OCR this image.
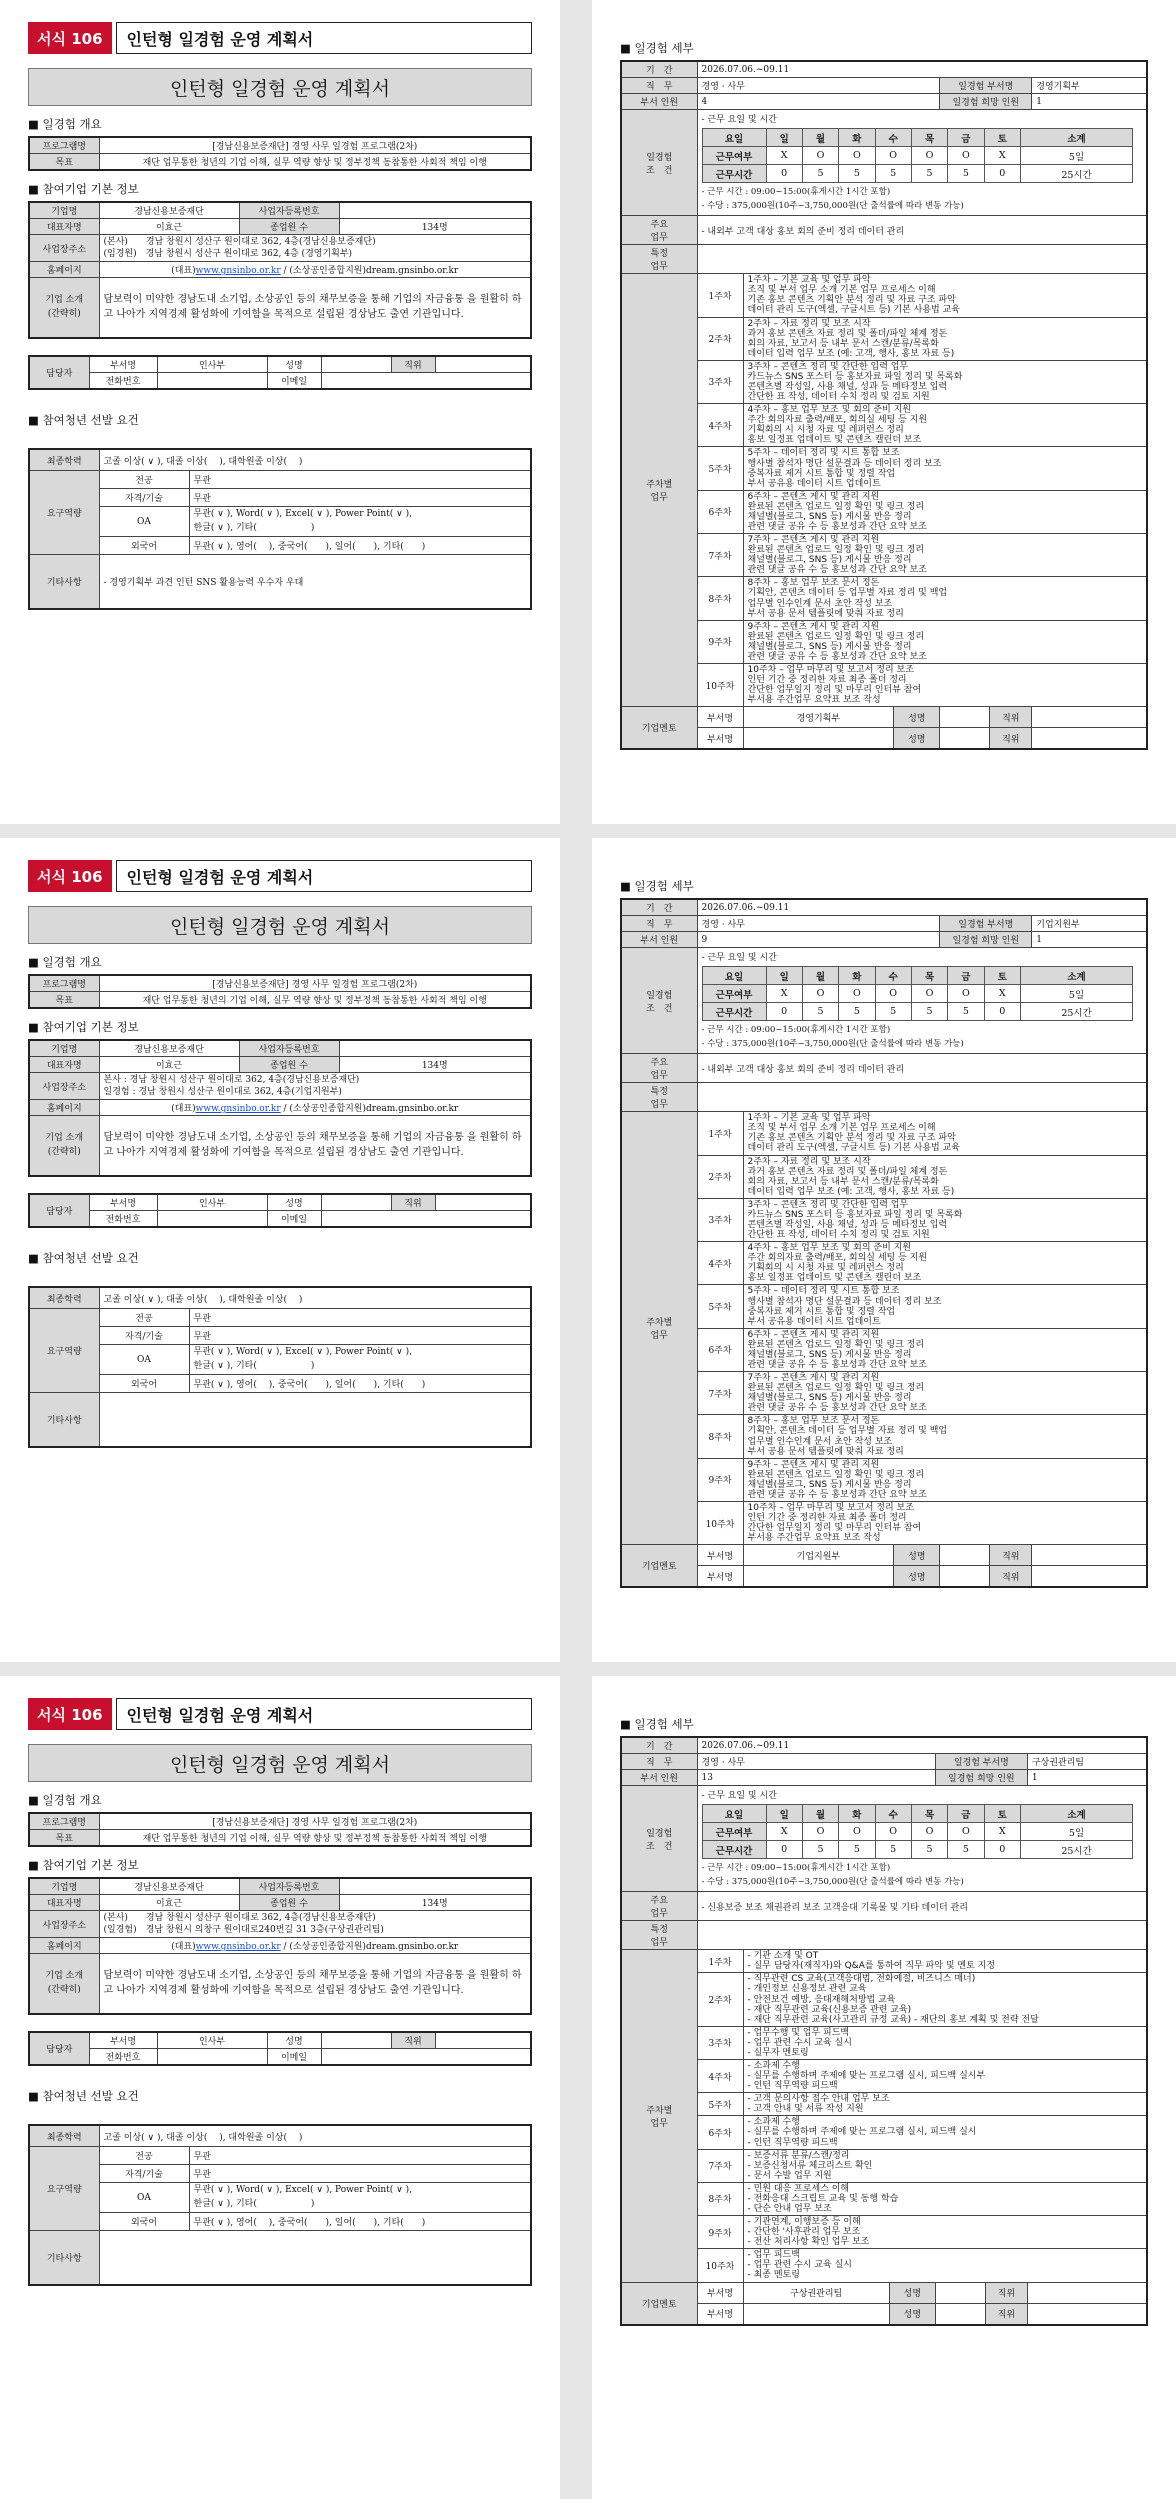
서식 106	인턴형 일경험 운영 계획서
인턴형 일경험 운영 계획서
■ 일경험 개요
프로그램명	[경남신용보증재단] 경영 사무 일경험 프로그램(2차)
목표	재단 업무통한 청년의 기업 이해, 실무 역량 향상 및 정부정책 동참통한 사회적 책임 이행
■ 참여기업 기본 정보
기업명	경남신용보증재단	사업자등록번호	
대표자명	이효근	종업원 수	134명
사업장주소	(본사)　　경남 창원시 성산구 원이대로 362, 4층(경남신용보증재단)
(임경원)　경남 창원시 성산구 원이대로 362, 4층 (경영기획부)		

홈페이지	(대표)www.gnsinbo.or.kr / (소상공인종합지원)dream.gnsinbo.or.kr		
기업 소개
(간략히)	담보력이 미약한 경남도내 소기업, 소상공인 등의 채무보증을 통해 기업의 자금융통 을 원활히 하고 나아가 지역경제 활성화에 기여함을 목적으로 설립된 경상남도 출연 기관입니다.		
담당자	부서명	인사부	성명		직위	
	전화번호		이메일			
■ 참여청년 선발 요건
최종학력	고졸 이상( ∨ ), 대졸 이상(　 ), 대학원졸 이상(　 )	
요구역량	전공	무관
	자격/기술	무관
	OA	무관( ∨ ), Word( ∨ ), Excel( ∨ ), Power Point( ∨ ),
한글( ∨ ), 기타(　　　　　　)
	외국어	무관( ∨ ), 영어(　 ), 중국어(　　), 일어(　　), 기타(　　)
기타사항	- 경영기획부 과견 인턴 SNS 활용능력 우수자 우대	
서식 106	인턴형 일경험 운영 계획서
인턴형 일경험 운영 계획서
■ 일경험 개요
프로그램명	[경남신용보증재단] 경영 사무 일경험 프로그램(2차)
목표	재단 업무통한 청년의 기업 이해, 실무 역량 향상 및 정부정책 동참통한 사회적 책임 이행
■ 참여기업 기본 정보
기업명	경남신용보증재단	사업자등록번호	
대표자명	이효근	종업원 수	134명
사업장주소	본사 : 경남 창원시 성산구 원이대로 362, 4층(경남신용보증재단)
일경험 : 경남 창원시 성산구 원이대로 362, 4층(기업지원부)		

홈페이지	(대표)www.gnsinbo.or.kr / (소상공인종합지원)dream.gnsinbo.or.kr		
기업 소개
(간략히)	담보력이 미약한 경남도내 소기업, 소상공인 등의 채무보증을 통해 기업의 자금융통 을 원활히 하고 나아가 지역경제 활성화에 기여함을 목적으로 설립된 경상남도 출연 기관입니다.		
담당자	부서명	인사부	성명		직위	
	전화번호		이메일			
■ 참여청년 선발 요건
최종학력	고졸 이상( ∨ ), 대졸 이상(　 ), 대학원졸 이상(　 )	
요구역량	전공	무관
	자격/기술	무관
	OA	무관( ∨ ), Word( ∨ ), Excel( ∨ ), Power Point( ∨ ),
한글( ∨ ), 기타(　　　　　　)
	외국어	무관( ∨ ), 영어(　 ), 중국어(　　), 일어(　　), 기타(　　)
기타사항		
서식 106	인턴형 일경험 운영 계획서
인턴형 일경험 운영 계획서
■ 일경험 개요
프로그램명	[경남신용보증재단] 경영 사무 일경험 프로그램(2차)
목표	재단 업무통한 청년의 기업 이해, 실무 역량 향상 및 정부정책 동참통한 사회적 책임 이행
■ 참여기업 기본 정보
기업명	경남신용보증재단	사업자등록번호	
대표자명	이효근	종업원 수	134명
사업장주소	(본사)　　경남 창원시 성산구 원이대로 362, 4층(경남신용보증재단)
(일경험)　경남 창원시 의창구 원이대로240번길 31 3층(구상권관리팀)		

홈페이지	(대표)www.gnsinbo.or.kr / (소상공인종합지원)dream.gnsinbo.or.kr		
기업 소개
(간략히)	담보력이 미약한 경남도내 소기업, 소상공인 등의 채무보증을 통해 기업의 자금융통 을 원활히 하고 나아가 지역경제 활성화에 기여함을 목적으로 설립된 경상남도 출연 기관입니다.		
담당자	부서명	인사부	성명		직위	
	전화번호		이메일			
■ 참여청년 선발 요건
최종학력	고졸 이상( ∨ ), 대졸 이상(　 ), 대학원졸 이상(　 )	
요구역량	전공	무관
	자격/기술	무관
	OA	무관( ∨ ), Word( ∨ ), Excel( ∨ ), Power Point( ∨ ),
한글( ∨ ), 기타(　　　　　　)
	외국어	무관( ∨ ), 영어(　 ), 중국어(　　), 일어(　　), 기타(　　)
기타사항		
■ 일경험 세부
기　간	2026.07.06.~09.11
직　무	경영 · 사무	일경험 부서명	경영기획부
부서 인원	4	일경험 희망 인원	1
일경험
조　건	
- 근무 요일 및 시간
요일	일	월	화	수	목	금	토	소계
근무여부	X	O	O	O	O	O	X	5일
근무시간	0	5	5	5	5	5	0	25시간
- 근무 시간 : 09:00~15:00(휴게시간 1시간 포함)
- 수당 : 375,000원(10주~3,750,000원(단 출석률에 따라 변동 가능)

주요
업무	- 내외부 고객 대상 홍보 회의 준비 정리 데이터 관리
특정
업무	
주차별
업무	1주차	1주차 – 기본 교육 및 업무 파악
조직 및 부서 업무 소개 기본 업무 프로세스 이해
기존 홍보 콘텐츠 기획안 분석 정리 및 자료 구조 파악
데이터 관리 도구(엑셀, 구글시트 등) 기본 사용법 교육
2주차	2주차 – 자료 정리 및 보조 시작
과거 홍보 콘텐츠 자료 정리 및 폴더/파일 체계 정돈
회의 자료, 보고서 등 내부 문서 스캔/분류/목록화
데이터 입력 업무 보조 (예: 고객, 행사, 홍보 자료 등)
3주차	3주차 – 콘텐츠 정리 및 간단한 입력 업무
카드뉴스 SNS 포스터 등 홍보자료 파일 정리 및 목록화
콘텐츠별 작성일, 사용 채널, 성과 등 메타정보 입력
간단한 표 작성, 데이터 수치 정리 및 검토 지원
4주차	4주차 – 홍보 업무 보조 및 회의 준비 지원
주간 회의자료 출력/배포, 회의실 세팅 등 지원
기획회의 시 시청 자료 및 레퍼런스 정리
홍보 일정표 업데이트 및 콘텐츠 캘린더 보조
5주차	5주차 – 데이터 정리 및 시트 통합 보조
행사별 참석자 명단 설문결과 등 데이터 정리 보조
중복자료 제거 시트 통합 및 정렬 작업
부서 공유용 데이터 시트 업데이트
6주차	6주차 – 콘텐츠 게시 및 관리 지원
완료된 콘텐츠 업로드 일정 확인 및 링크 정리
채널별(블로그, SNS 등) 게시물 반응 정리
관련 댓글 공유 수 등 홍보성과 간단 요약 보조
7주차	7주차 – 콘텐츠 게시 및 관리 지원
완료된 콘텐츠 업로드 일정 확인 및 링크 정리
채널별(블로그, SNS 등) 게시물 반응 정리
관련 댓글 공유 수 등 홍보성과 간단 요약 보조
8주차	8주차 – 홍보 업무 보조 문서 정돈
기획안, 콘텐츠 데이터 등 업무별 자료 정리 및 백업
업무별 인수인계 문서 초안 작성 보조
부서 공용 문서 템플릿에 맞춰 자료 정리
9주차	9주차 – 콘텐츠 게시 및 관리 지원
완료된 콘텐츠 업로드 일정 확인 및 링크 정리
채널별(블로그, SNS 등) 게시물 반응 정리
관련 댓글 공유 수 등 홍보성과 간단 요약 보조
10주차	10주차 – 업무 마무리 및 보고서 정리 보조
인턴 기간 중 정리한 자료 최종 폴더 정리
간단한 업무일지 정리 및 마무리 인터뷰 참여
부서용 주간업무 요약표 보조 작성
기업멘토	부서명	경영기획부	성명	직위

부서명	성명	직위

■ 일경험 세부
기　간	2026.07.06.~09.11
직　무	경영 · 사무	일경험 부서명	기업지원부
부서 인원	9	일경험 희망 인원	1
일경험
조　건	
- 근무 요일 및 시간
요일	일	월	화	수	목	금	토	소계
근무여부	X	O	O	O	O	O	X	5일
근무시간	0	5	5	5	5	5	0	25시간
- 근무 시간 : 09:00~15:00(휴게시간 1시간 포함)
- 수당 : 375,000원(10주~3,750,000원(단 출석률에 따라 변동 가능)

주요
업무	- 내외부 고객 대상 홍보 회의 준비 정리 데이터 관리
특정
업무	
주차별
업무	1주차	1주차 – 기본 교육 및 업무 파악
조직 및 부서 업무 소개 기본 업무 프로세스 이해
기존 홍보 콘텐츠 기획안 분석 정리 및 자료 구조 파악
데이터 관리 도구(엑셀, 구글시트 등) 기본 사용법 교육
2주차	2주차 – 자료 정리 및 보조 시작
과거 홍보 콘텐츠 자료 정리 및 폴더/파일 체계 정돈
회의 자료, 보고서 등 내부 문서 스캔/분류/목록화
데이터 입력 업무 보조 (예: 고객, 행사, 홍보 자료 등)
3주차	3주차 – 콘텐츠 정리 및 간단한 입력 업무
카드뉴스 SNS 포스터 등 홍보자료 파일 정리 및 목록화
콘텐츠별 작성일, 사용 채널, 성과 등 메타정보 입력
간단한 표 작성, 데이터 수치 정리 및 검토 지원
4주차	4주차 – 홍보 업무 보조 및 회의 준비 지원
주간 회의자료 출력/배포, 회의실 세팅 등 지원
기획회의 시 시청 자료 및 레퍼런스 정리
홍보 일정표 업데이트 및 콘텐츠 캘린더 보조
5주차	5주차 – 데이터 정리 및 시트 통합 보조
행사별 참석자 명단 설문결과 등 데이터 정리 보조
중복자료 제거 시트 통합 및 정렬 작업
부서 공유용 데이터 시트 업데이트
6주차	6주차 – 콘텐츠 게시 및 관리 지원
완료된 콘텐츠 업로드 일정 확인 및 링크 정리
채널별(블로그, SNS 등) 게시물 반응 정리
관련 댓글 공유 수 등 홍보성과 간단 요약 보조
7주차	7주차 – 콘텐츠 게시 및 관리 지원
완료된 콘텐츠 업로드 일정 확인 및 링크 정리
채널별(블로그, SNS 등) 게시물 반응 정리
관련 댓글 공유 수 등 홍보성과 간단 요약 보조
8주차	8주차 – 홍보 업무 보조 문서 정돈
기획안, 콘텐츠 데이터 등 업무별 자료 정리 및 백업
업무별 인수인계 문서 초안 작성 보조
부서 공용 문서 템플릿에 맞춰 자료 정리
9주차	9주차 – 콘텐츠 게시 및 관리 지원
완료된 콘텐츠 업로드 일정 확인 및 링크 정리
채널별(블로그, SNS 등) 게시물 반응 정리
관련 댓글 공유 수 등 홍보성과 간단 요약 보조
10주차	10주차 – 업무 마무리 및 보고서 정리 보조
인턴 기간 중 정리한 자료 최종 폴더 정리
간단한 업무일지 정리 및 마무리 인터뷰 참여
부서용 주간업무 요약표 보조 작성
기업멘토	부서명	기업지원부	성명	직위

부서명	성명	직위

■ 일경험 세부
기　간	2026.07.06.~09.11
직　무	경영 · 사무	일경험 부서명	구상권관리팀
부서 인원	13	일경험 희망 인원	1
일경험
조　건	
- 근무 요일 및 시간
요일	일	월	화	수	목	금	토	소계
근무여부	X	O	O	O	O	O	X	5일
근무시간	0	5	5	5	5	5	0	25시간
- 근무 시간 : 09:00~15:00(휴게시간 1시간 포함)
- 수당 : 375,000원(10주~3,750,000원(단 출석률에 따라 변동 가능)

주요
업무	- 신용보증 보조 채권관리 보조 고객응대 기록물 및 기타 데이터 관리
특정
업무	
주차별
업무	1주차	- 기관 소개 및 OT
- 실무 담당자(재직자)와 Q&A를 통하여 직무 파악 및 멘토 지정
2주차	- 직무관련 CS 교육(고객응대법, 전화예절, 비즈니스 매너)
- 개인정보 신용정보 관련 교육
- 안전보건 예방, 응대재해처방법 교육
- 재단 직무관련 교육(신용보증 관련 교육)
- 재단 직무관련 교육(사고관리 규정 교육) - 재단의 홍보 계획 및 전략 전달
3주차	- 업무수행 및 업무 피드백
- 업무 관련 수시 교육 실시
- 실무자 멘토링
4주차	- 소과제 수행
- 실무를 수행하며 주제에 맞는 프로그램 실시, 피드백 실시부
- 인턴 직무역량 피드백
5주차	- 고객 문의사항 접수 안내 업무 보조
- 고객 안내 및 서류 작성 지원
6주차	- 소과제 수행
- 실무를 수행하며 주제에 맞는 프로그램 실시, 피드백 실시
- 인턴 직무역량 피드백
7주차	- 보증서류 분류/스캔/정리
- 보증신청서류 체크리스트 확인
- 문서 수발 업무 지원
8주차	- 민원 대응 프로세스 이해
- 전화응대 스크립트 교육 및 동행 학습
- 단순 안내 업무 보조
9주차	- 기관연계, 이행보증 등 이해
- 간단한 '사후관리 업무 보조
- 전산 처리사항 확인 업무 보조
10주차	- 업무 피드백
- 업무 관련 수시 교육 실시
- 최종 멘토링
기업멘토	부서명	구상권관리팀	성명	직위

부서명	성명	직위
